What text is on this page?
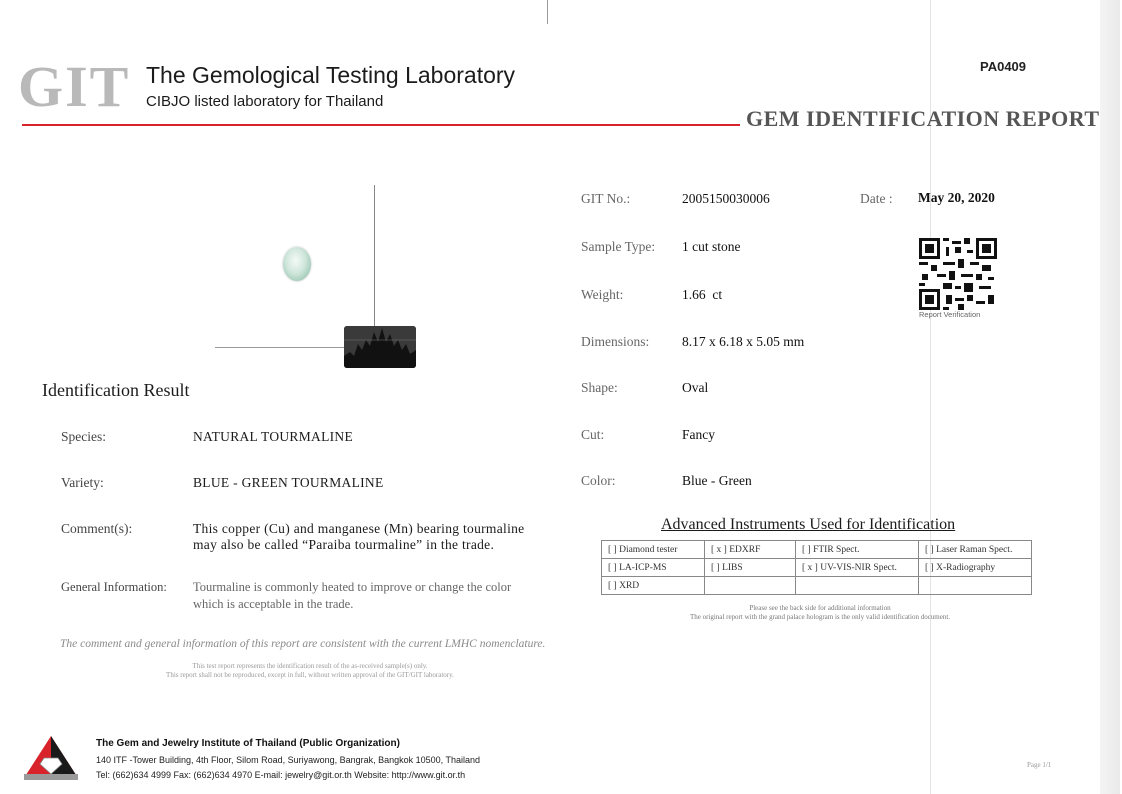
GIT The Gemological Testing Laboratory
CIBJO listed laboratory for Thailand
PA0409
GEM IDENTIFICATION REPORT
Identification Result
Species:	NATURAL TOURMALINE
Variety:	BLUE - GREEN TOURMALINE
Comment(s):	This copper (Cu) and manganese (Mn) bearing tourmaline
may also be called “Paraiba tourmaline” in the trade.
General Information: Tourmaline is commonly heated to improve or change the color
which is acceptable in the trade.
The comment and general information of this report are consistent with the current LMHC nomenclature.
This test report represents the identification result of the as-received sample(s) only.
This report shall not be reproduced, except in full, without written approval of the GIT/GIT laboratory.
GIT No.:	2005150030006	Date : May 20, 2020
Sample Type: 1 cut stone
Weight:	1.66  ct
Dimensions: 8.17 x 6.18 x 5.05 mm
Shape:	Oval
Cut:	Fancy
Color:	Blue - Green
Report Verification
Advanced Instruments Used for Identification
[ ] Diamond tester	[ x ] EDXRF	[ ] FTIR Spect.	[ ] Laser Raman Spect.
[ ] LA-ICP-MS	[ ] LIBS	[ x ] UV-VIS-NIR Spect.	[ ] X-Radiography
[ ] XRD			
Please see the back side for additional information
The original report with the grand palace hologram is the only valid identification document.
The Gem and Jewelry Institute of Thailand (Public Organization)
140 ITF -Tower Building, 4th Floor, Silom Road, Suriyawong, Bangrak, Bangkok 10500, Thailand
Tel: (662)634 4999 Fax: (662)634 4970 E-mail: jewelry@git.or.th Website: http://www.git.or.th
Page 1/1
